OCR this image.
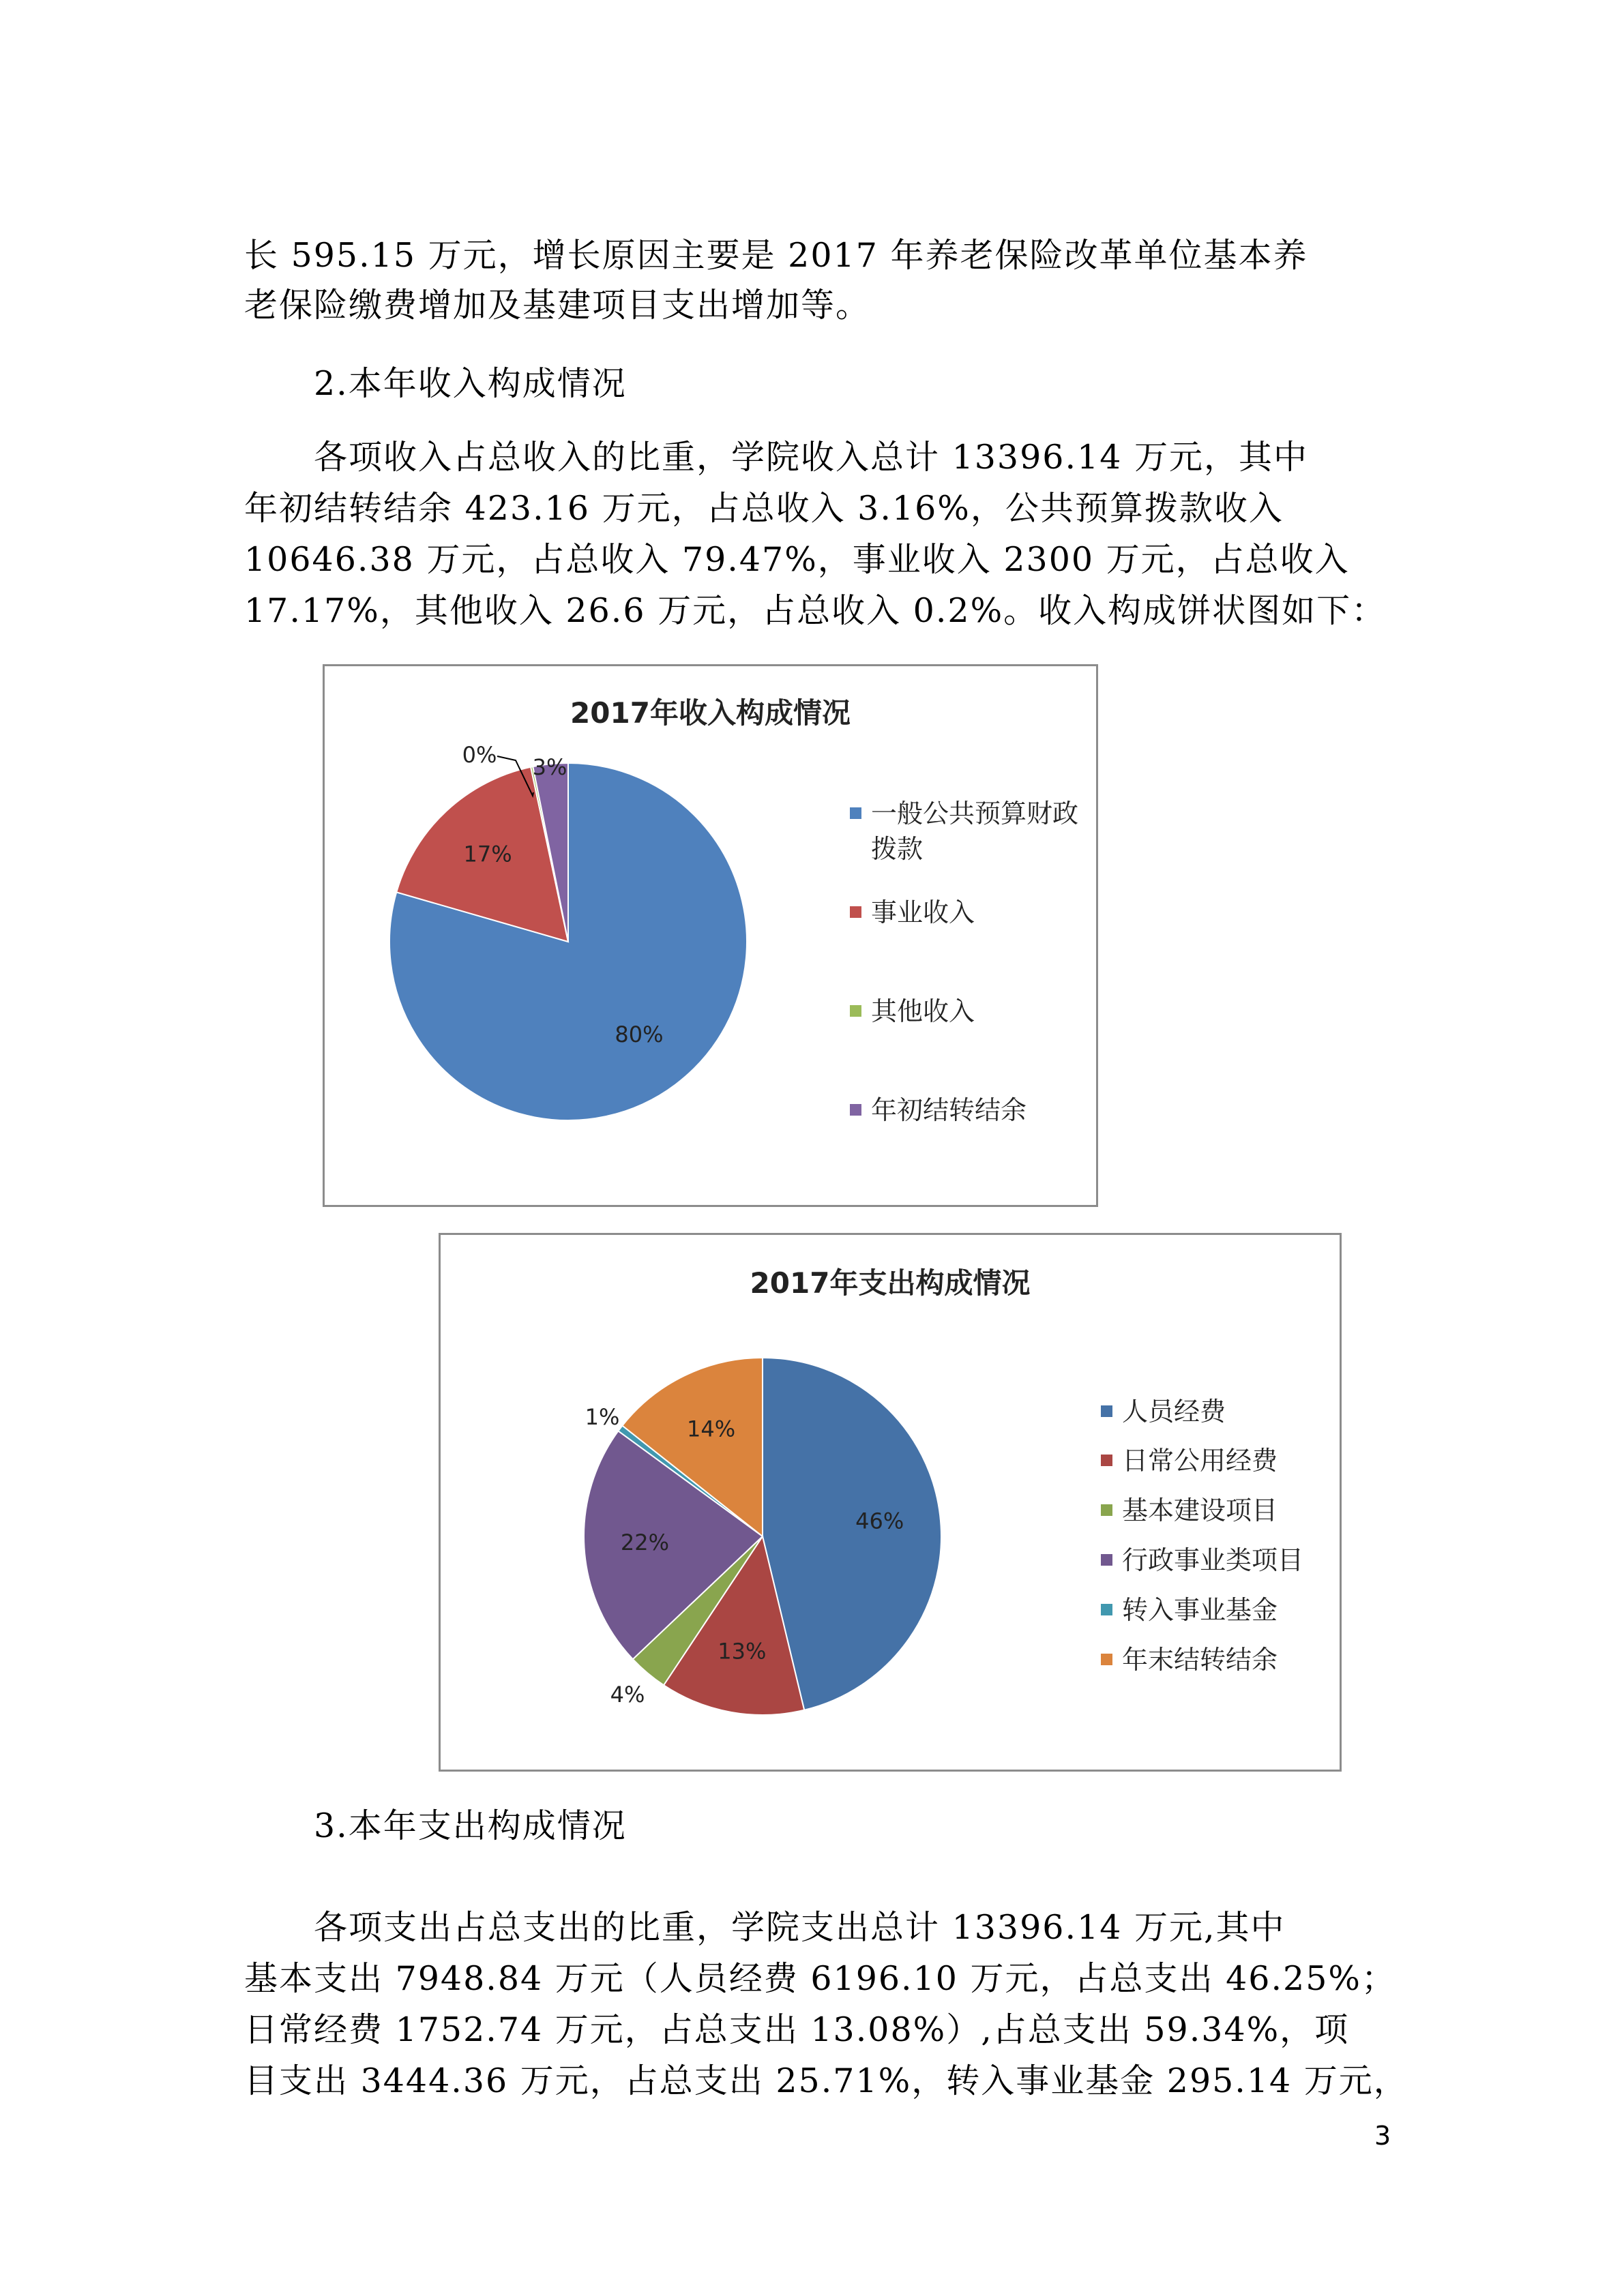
长 595.15 万元，增长原因主要是 2017 年养老保险改革单位基本养
老保险缴费增加及基建项目支出增加等。
2.本年收入构成情况
各项收入占总收入的比重，学院收入总计 13396.14 万元，其中
年初结转结余 423.16 万元，占总收入 3.16%，公共预算拨款收入
10646.38 万元，占总收入 79.47%，事业收入 2300 万元，占总收入
17.17%，其他收入 26.6 万元，占总收入 0.2%。收入构成饼状图如下：
2017年收入构成情况
80%
17%
0% 3%
一般公共预算财政
拨款
事业收入
其他收入
年初结转结余
2017年支出构成情况
46%
13%
4%
22%
1%	14%
人员经费
日常公用经费
基本建设项目
行政事业类项目
转入事业基金
年末结转结余
3.本年支出构成情况
各项支出占总支出的比重，学院支出总计 13396.14 万元,其中
基本支出 7948.84 万元（人员经费 6196.10 万元，占总支出 46.25%；
日常经费 1752.74 万元，占总支出 13.08%）,占总支出 59.34%，项
目支出 3444.36 万元，占总支出 25.71%，转入事业基金 295.14 万元，
3
